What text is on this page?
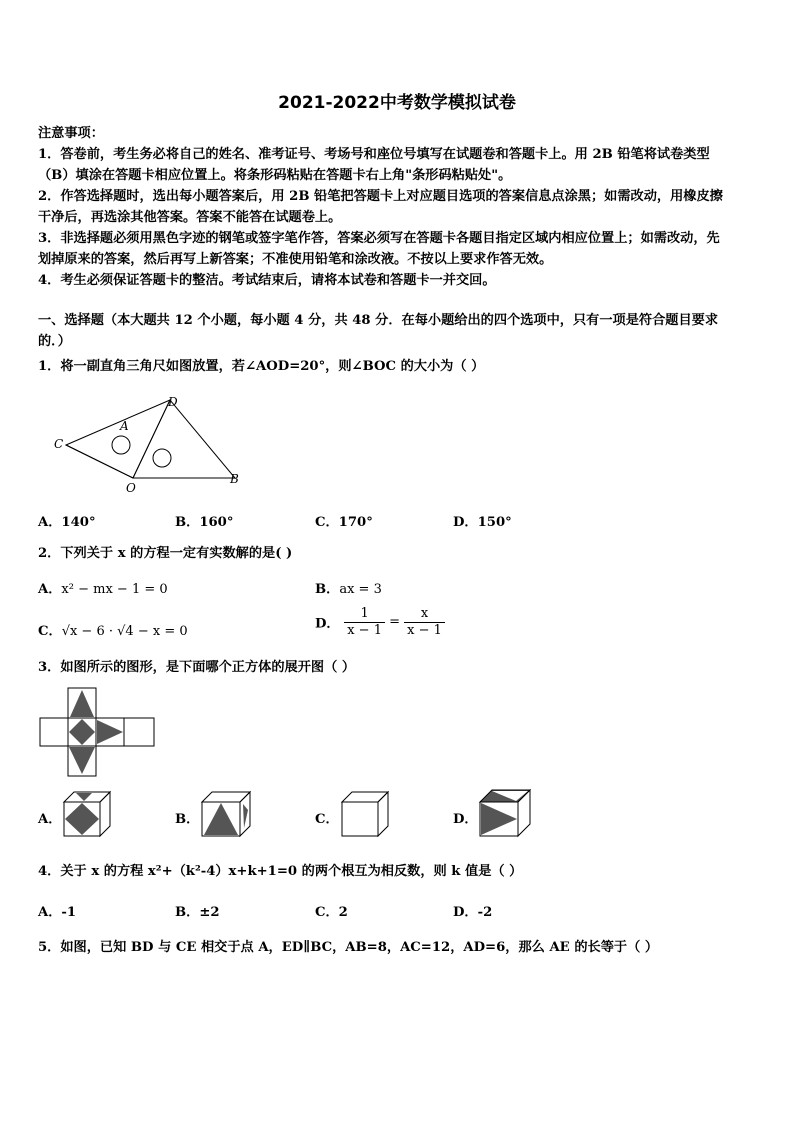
2021-2022中考数学模拟试卷
注意事项：
1．答卷前，考生务必将自己的姓名、准考证号、考场号和座位号填写在试题卷和答题卡上。用 2B 铅笔将试卷类型
（B）填涂在答题卡相应位置上。将条形码粘贴在答题卡右上角"条形码粘贴处"。
2．作答选择题时，选出每小题答案后，用 2B 铅笔把答题卡上对应题目选项的答案信息点涂黑；如需改动，用橡皮擦
干净后，再选涂其他答案。答案不能答在试题卷上。
3．非选择题必须用黑色字迹的钢笔或签字笔作答，答案必须写在答题卡各题目指定区域内相应位置上；如需改动，先
划掉原来的答案，然后再写上新答案；不准使用铅笔和涂改液。不按以上要求作答无效。
4．考生必须保证答题卡的整洁。考试结束后，请将本试卷和答题卡一并交回。
一、选择题（本大题共 12 个小题，每小题 4 分，共 48 分．在每小题给出的四个选项中，只有一项是符合题目要求
的．）
1．将一副直角三角尺如图放置，若∠AOD=20°，则∠BOC 的大小为（ ）
C
A
D
O
B
A．140°	B．160°	C．170°	D．150°
2．下列关于 x 的方程一定有实数解的是( )
A．x² − mx − 1 = 0	B．ax = 3
C．√x − 6 · √4 − x = 0	D． $\frac{1}{x - 1} = \frac{x}{x - 1}$
3．如图所示的图形，是下面哪个正方体的展开图（ ）
A．	B．	C．	D．
4．关于 x 的方程 x²+（k²-4）x+k+1=0 的两个根互为相反数，则 k 值是（ ）
A．-1	B．±2	C．2	D．-2
5．如图，已知 BD 与 CE 相交于点 A，ED∥BC，AB=8，AC=12，AD=6，那么 AE 的长等于（ ）
